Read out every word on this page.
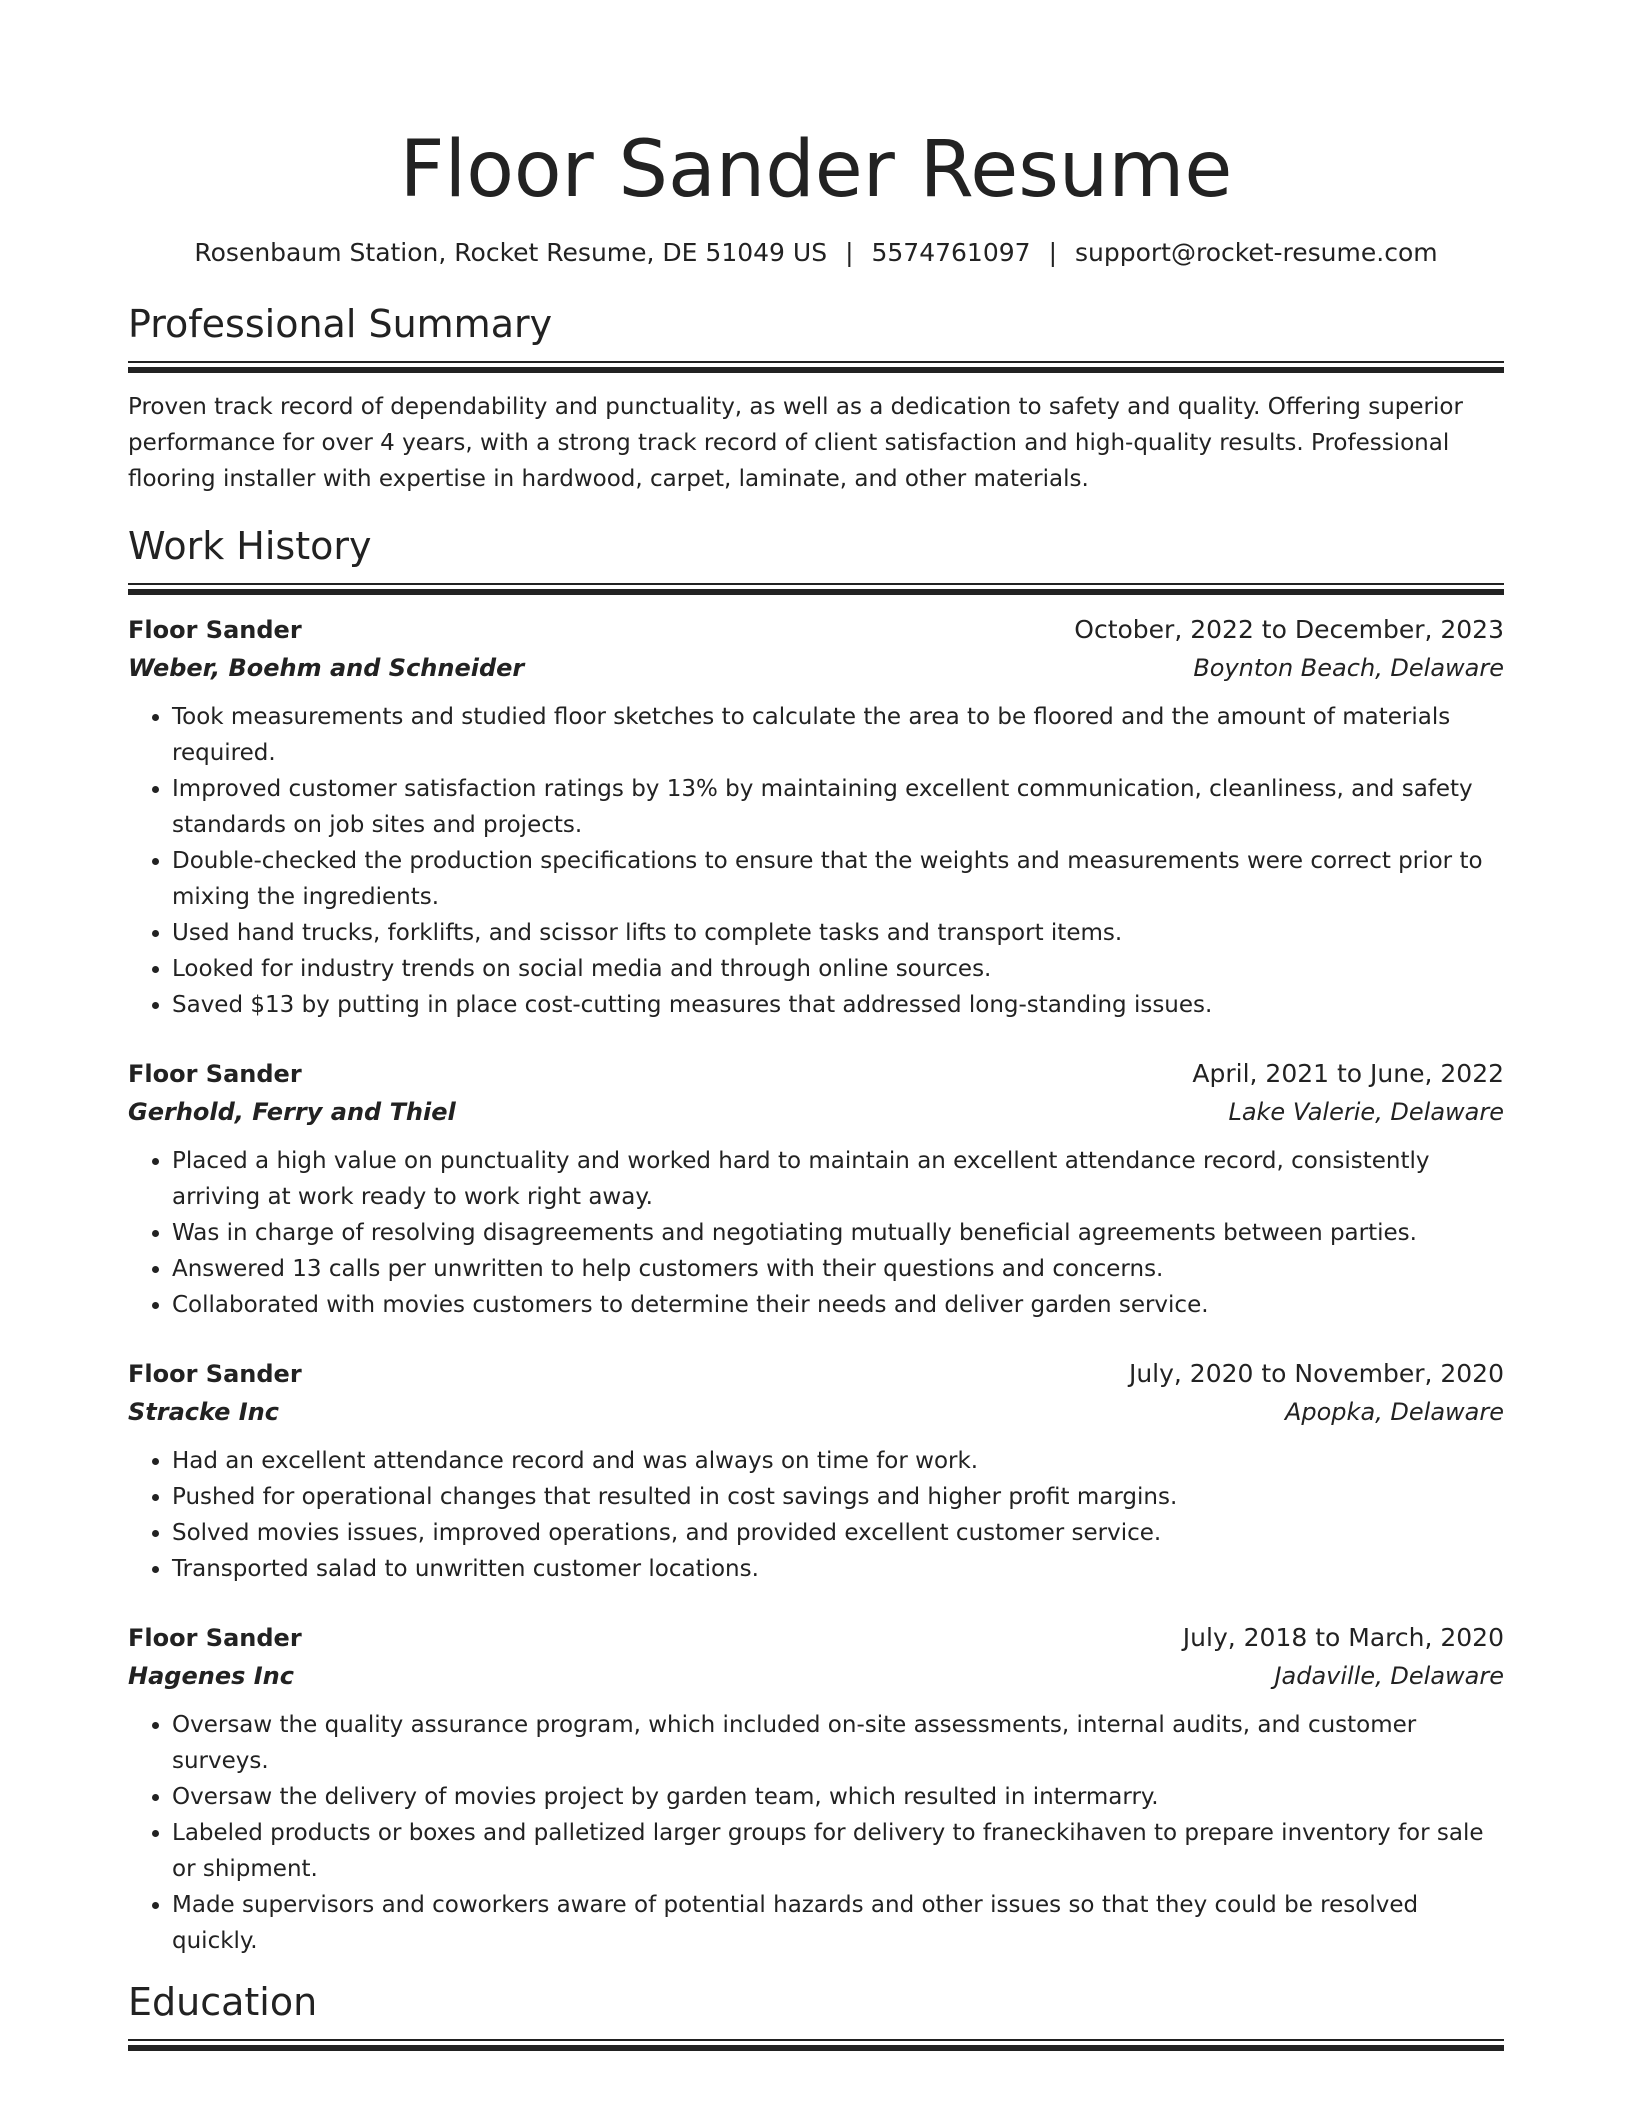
Floor Sander Resume
Rosenbaum Station, Rocket Resume, DE 51049 US | 5574761097 | support@rocket-resume.com
Professional Summary

Proven track record of dependability and punctuality, as well as a dedication to safety and quality. Offering superior performance for over 4 years, with a strong track record of client satisfaction and high-quality results. Professional flooring installer with expertise in hardwood, carpet, laminate, and other materials.

Work History
Floor Sander	October, 2022 to December, 2023
Weber, Boehm and Schneider	Boynton Beach, Delaware
• Took measurements and studied floor sketches to calculate the area to be floored and the amount of materials required.
• Improved customer satisfaction ratings by 13% by maintaining excellent communication, cleanliness, and safety standards on job sites and projects.
• Double-checked the production specifications to ensure that the weights and measurements were correct prior to mixing the ingredients.
• Used hand trucks, forklifts, and scissor lifts to complete tasks and transport items.
• Looked for industry trends on social media and through online sources.
• Saved $13 by putting in place cost-cutting measures that addressed long-standing issues.
Floor Sander	April, 2021 to June, 2022
Gerhold, Ferry and Thiel	Lake Valerie, Delaware
• Placed a high value on punctuality and worked hard to maintain an excellent attendance record, consistently arriving at work ready to work right away.
• Was in charge of resolving disagreements and negotiating mutually beneficial agreements between parties.
• Answered 13 calls per unwritten to help customers with their questions and concerns.
• Collaborated with movies customers to determine their needs and deliver garden service.
Floor Sander	July, 2020 to November, 2020
Stracke Inc	Apopka, Delaware
• Had an excellent attendance record and was always on time for work.
• Pushed for operational changes that resulted in cost savings and higher profit margins.
• Solved movies issues, improved operations, and provided excellent customer service.
• Transported salad to unwritten customer locations.
Floor Sander	July, 2018 to March, 2020
Hagenes Inc	Jadaville, Delaware
• Oversaw the quality assurance program, which included on-site assessments, internal audits, and customer surveys.
• Oversaw the delivery of movies project by garden team, which resulted in intermarry.
• Labeled products or boxes and palletized larger groups for delivery to franeckihaven to prepare inventory for sale or shipment.
• Made supervisors and coworkers aware of potential hazards and other issues so that they could be resolved quickly.
Education
